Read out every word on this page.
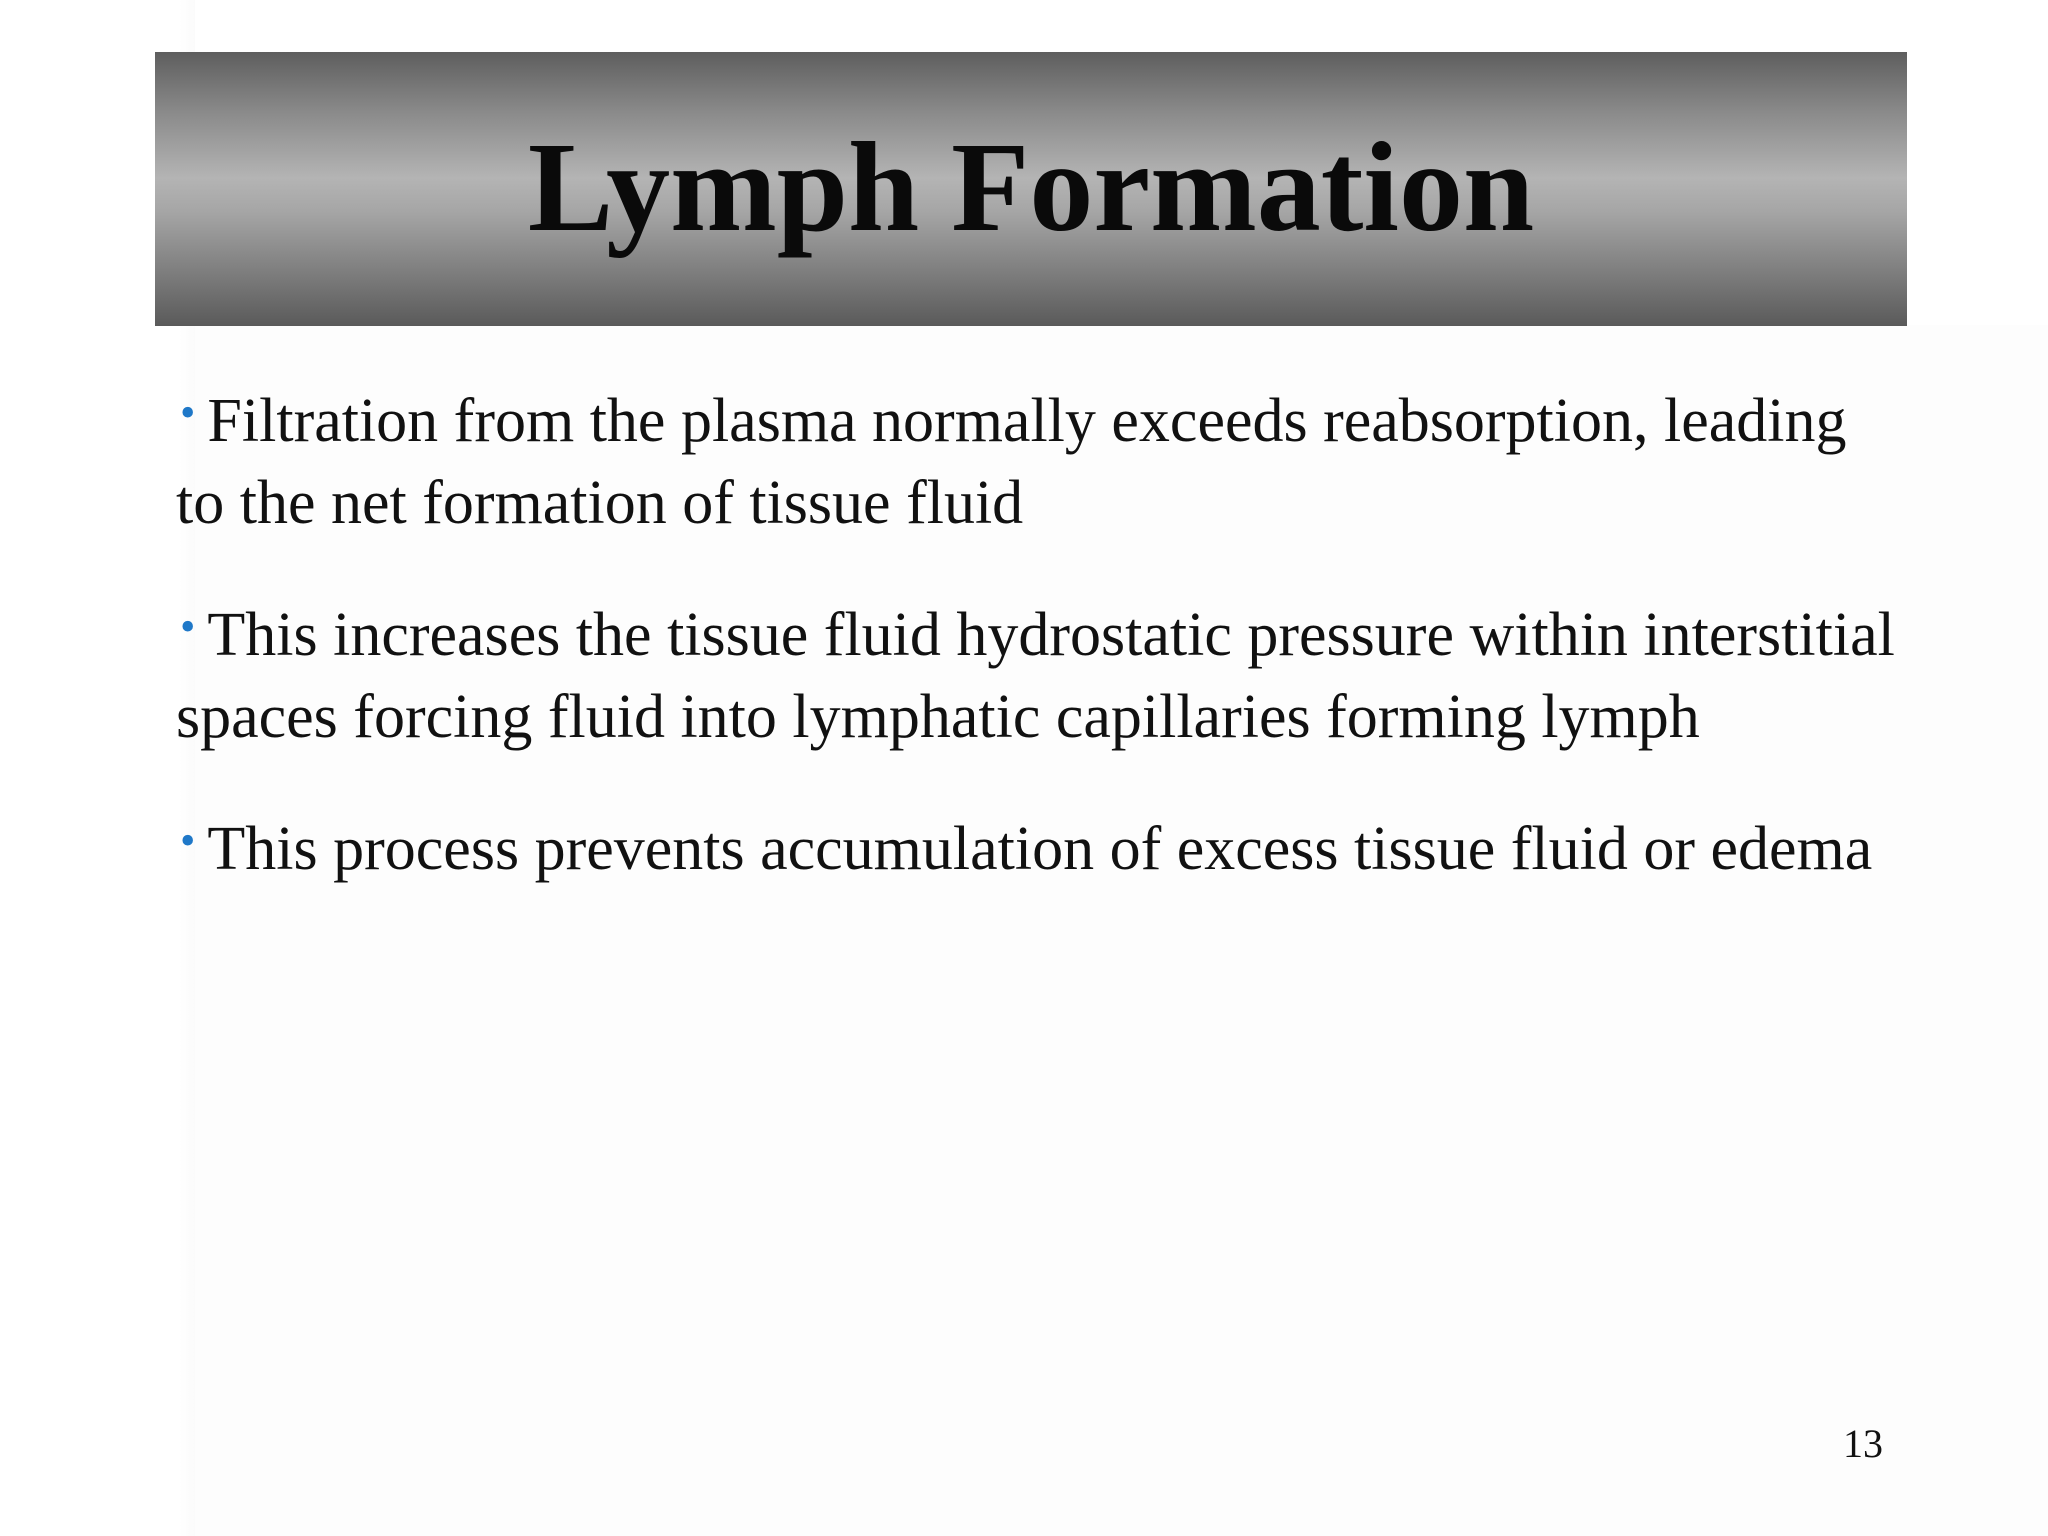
Lymph Formation
• Filtration from the plasma normally exceeds reabsorption, leading to the net formation of tissue fluid
• This increases the tissue fluid hydrostatic pressure within interstitial spaces forcing fluid into lymphatic capillaries forming lymph
• This process prevents accumulation of excess tissue fluid or edema
13
